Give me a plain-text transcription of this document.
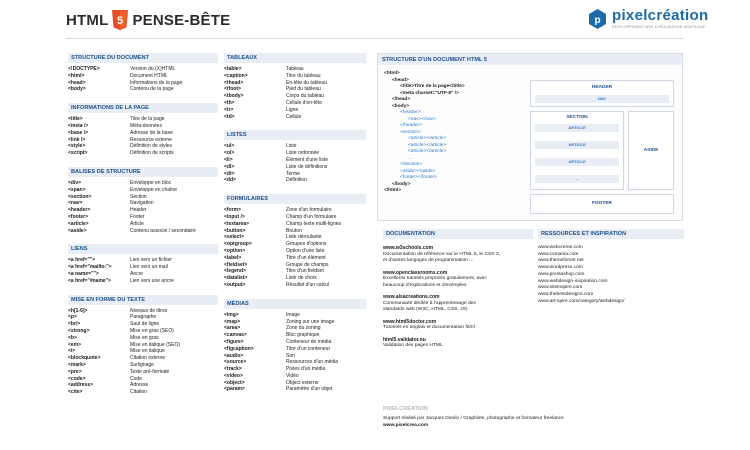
HTML 5 PENSE-BÊTE	p pixelcréation
DÉVELOPPEMENT WEB & RÉALISATION GRAPHIQUE
STRUCTURE DU DOCUMENT
<!DOCTYPE>	Version du (X)HTML
<html>	Document HTML
<head>	Informations de la page
<body>	Contenu de la page
INFORMATIONS DE LA PAGE
<title>	Titre de la page
<meta />	Méta-données
<base />	Adresse de la base
<link />	Ressource externe
<style>	Définition de styles
<script>	Définition de scripts
BALISES DE STRUCTURE
<div>	Enveloppe en bloc
<span>	Enveloppe en chaîne
<section>	Section
<nav>	Navigation
<header>	Header
<footer>	Footer
<article>	Article
<aside>	Contenu associé / secondaire
LIENS
<a href="">	Lien vers un fichier
<a href="mailto:">	Lien vers un mail
<a name="">	Ancre
<a href="#name">	Lien vers une ancre
MISE EN FORME DU TEXTE
<h[1-6]>	Niveaux de titres
<p>	Paragraphe
<br/>	Saut de ligne
<strong>	Mise en gras (SEO)
<b>	Mise en gras
<em>	Mise en italique (SEO)
<i>	Mise en italique
<blockquote>	Citation externe
<mark>	Surlignage
<pre>	Texte pré-formaté
<code>	Code
<address>	Adresse
<cite>	Citation
TABLEAUX
<table>	Tableau
<caption>	Titre du tableau
<thead>	En-tête du tableau
<tfoot>	Pied du tableau
<tbody>	Corps du tableau
<th>	Cellule d'en-tête
<tr>	Ligne
<td>	Cellule
LISTES
<ul>	Liste
<ol>	Liste ordonnée
<li>	Élément d'une liste
<dl>	Liste de définitions
<dt>	Terme
<dd>	Définition
FORMULAIRES
<form>	Zone d'un formulaire
<input />	Champ d'un formulaire
<textarea>	Champ texte multi-lignes
<button>	Bouton
<select>	Liste déroulante
<optgroup>	Groupes d'options
<option>	Option d'une liste
<label>	Titre d'un élément
<fieldset>	Groupe de champs
<legend>	Titre d'un fieldset
<datalist>	Liste de choix
<output>	Résultat d'un calcul
MÉDIAS
<img>	Image
<map>	Zoning sur une image
<area>	Zone du zoning
<canvas>	Bloc graphique
<figure>	Conteneur de média
<figcaption>	Titre d'un conteneur
<audio>	Son
<source>	Ressources d'un média
<track>	Pistes d'un média
<video>	Vidéo
<object>	Object externe
<param>	Paramètre d'un objet
STRUCTURE D'UN DOCUMENT HTML 5
<html>
<head>
<title>Titre de la page</title>
<meta charset="UTF-8" />
</head>
<body>
<header>
<nav></nav>
</header>
<section>
<article></article>
<article></article>
<article></article>
...
</section>
<aside></aside>
<footer></footer>
</body>
</html>
HEADER
NAV
SECTION
ARTICLE
ARTICLE
ARTICLE
...
ASIDE
FOOTER
DOCUMENTATION
www.w3schools.com
Documentation de référence sur le HTML 5, le CSS 3,
et d'autres langages de programmation ...
www.openclassrooms.com
Excellents tutoriels proposés gratuitement, avec
beaucoup d'explications et d'exemples
www.alsacreations.com
Communauté dédiée à l'apprentissage des
standards web (W3C, HTML, CSS, JS)
www.html5doctor.com
Tutoriels en anglais et documentation html
html5.validator.nu
Validation des pages HTML
RESSOURCES ET INSPIRATION
www.webcreme.com
www.csmania.com
www.themeforest.net
www.wordpress.com
www.prestashop.com
www.webdesign-inspiration.com
www.siteinspire.com
www.thebestdesigns.com
www.art-spire.com/category/webdesign/
PIXELCRÉATION
Support réalisé par Jacques Danilo / Graphiste, photographe et formateur freelance
www.pixelcrea.com
